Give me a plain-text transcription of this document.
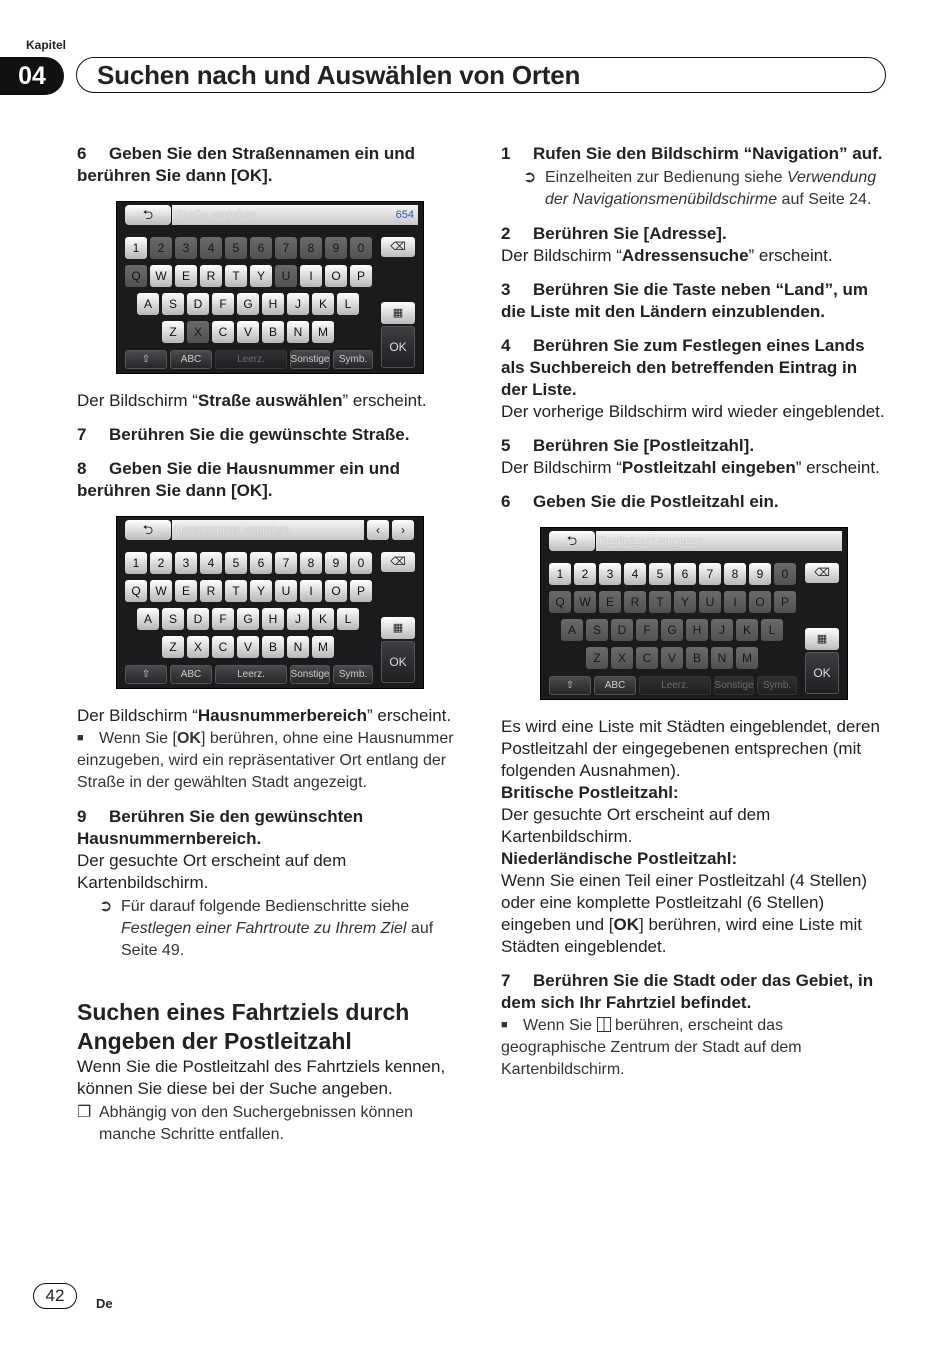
Kapitel
04	Suchen nach und Auswählen von Orten
6 Geben Sie den Straßennamen ein und berühren Sie dann [OK].
⮌	Straße eingeben	654
1	2	3	4	5	6	7	8	9	0	⌫
Q	W	E	R	T	Y	U	I	O	P
A	S	D	F	G	H	J	K	L
▦
Z	X	C	V	B	N	M
OK
⇧	ABC	Leerz.	Sonstige Symb.
Der Bildschirm “Straße auswählen” erscheint.
7 Berühren Sie die gewünschte Straße.
8 Geben Sie die Hausnummer ein und berühren Sie dann [OK].
⮌	Hausnummer eingeben	‹	›
1	2	3	4	5	6	7	8	9	0	⌫
Q	W	E	R	T	Y	U	I	O	P
A	S	D	F	G	H	J	K	L
▦
Z	X	C	V	B	N	M
OK
⇧	ABC	Leerz.	Sonstige Symb.
Der Bildschirm “Hausnummerbereich” erscheint.
■ Wenn Sie [OK] berühren, ohne eine Hausnummer einzugeben, wird ein repräsentativer Ort entlang der Straße in der gewählten Stadt angezeigt.
9 Berühren Sie den gewünschten Hausnummernbereich.
Der gesuchte Ort erscheint auf dem Kartenbildschirm.
➲ Für darauf folgende Bedienschritte siehe Festlegen einer Fahrtroute zu Ihrem Ziel auf Seite 49.
Suchen eines Fahrtziels durch Angeben der Postleitzahl
Wenn Sie die Postleitzahl des Fahrtziels kennen, können Sie diese bei der Suche angeben.
❐ Abhängig von den Suchergebnissen können manche Schritte entfallen.
1 Rufen Sie den Bildschirm “Navigation” auf.
➲ Einzelheiten zur Bedienung siehe Verwendung der Navigationsmenübildschirme auf Seite 24.
2 Berühren Sie [Adresse].
Der Bildschirm “Adressensuche” erscheint.
3 Berühren Sie die Taste neben “Land”, um die Liste mit den Ländern einzublenden.
4 Berühren Sie zum Festlegen eines Lands als Suchbereich den betreffenden Eintrag in der Liste.
Der vorherige Bildschirm wird wieder eingeblendet.
5 Berühren Sie [Postleitzahl].
Der Bildschirm “Postleitzahl eingeben” erscheint.
6 Geben Sie die Postleitzahl ein.
⮌	Postleitzahl eingeben
1	2	3	4	5	6	7	8	9	0	⌫
Q	W	E	R	T	Y	U	I	O	P
A	S	D	F	G	H	J	K	L
▦
Z	X	C	V	B	N	M
OK
⇧	ABC	Leerz.	Sonstige Symb.
Es wird eine Liste mit Städten eingeblendet, deren Postleitzahl der eingegebenen entsprechen (mit folgenden Ausnahmen).
Britische Postleitzahl:
Der gesuchte Ort erscheint auf dem Kartenbildschirm.
Niederländische Postleitzahl:
Wenn Sie einen Teil einer Postleitzahl (4 Stellen) oder eine komplette Postleitzahl (6 Stellen) eingeben und [OK] berühren, wird eine Liste mit Städten eingeblendet.
7 Berühren Sie die Stadt oder das Gebiet, in dem sich Ihr Fahrtziel befindet.
■ Wenn Sie  berühren, erscheint das geographische Zentrum der Stadt auf dem Kartenbildschirm.
42	De
